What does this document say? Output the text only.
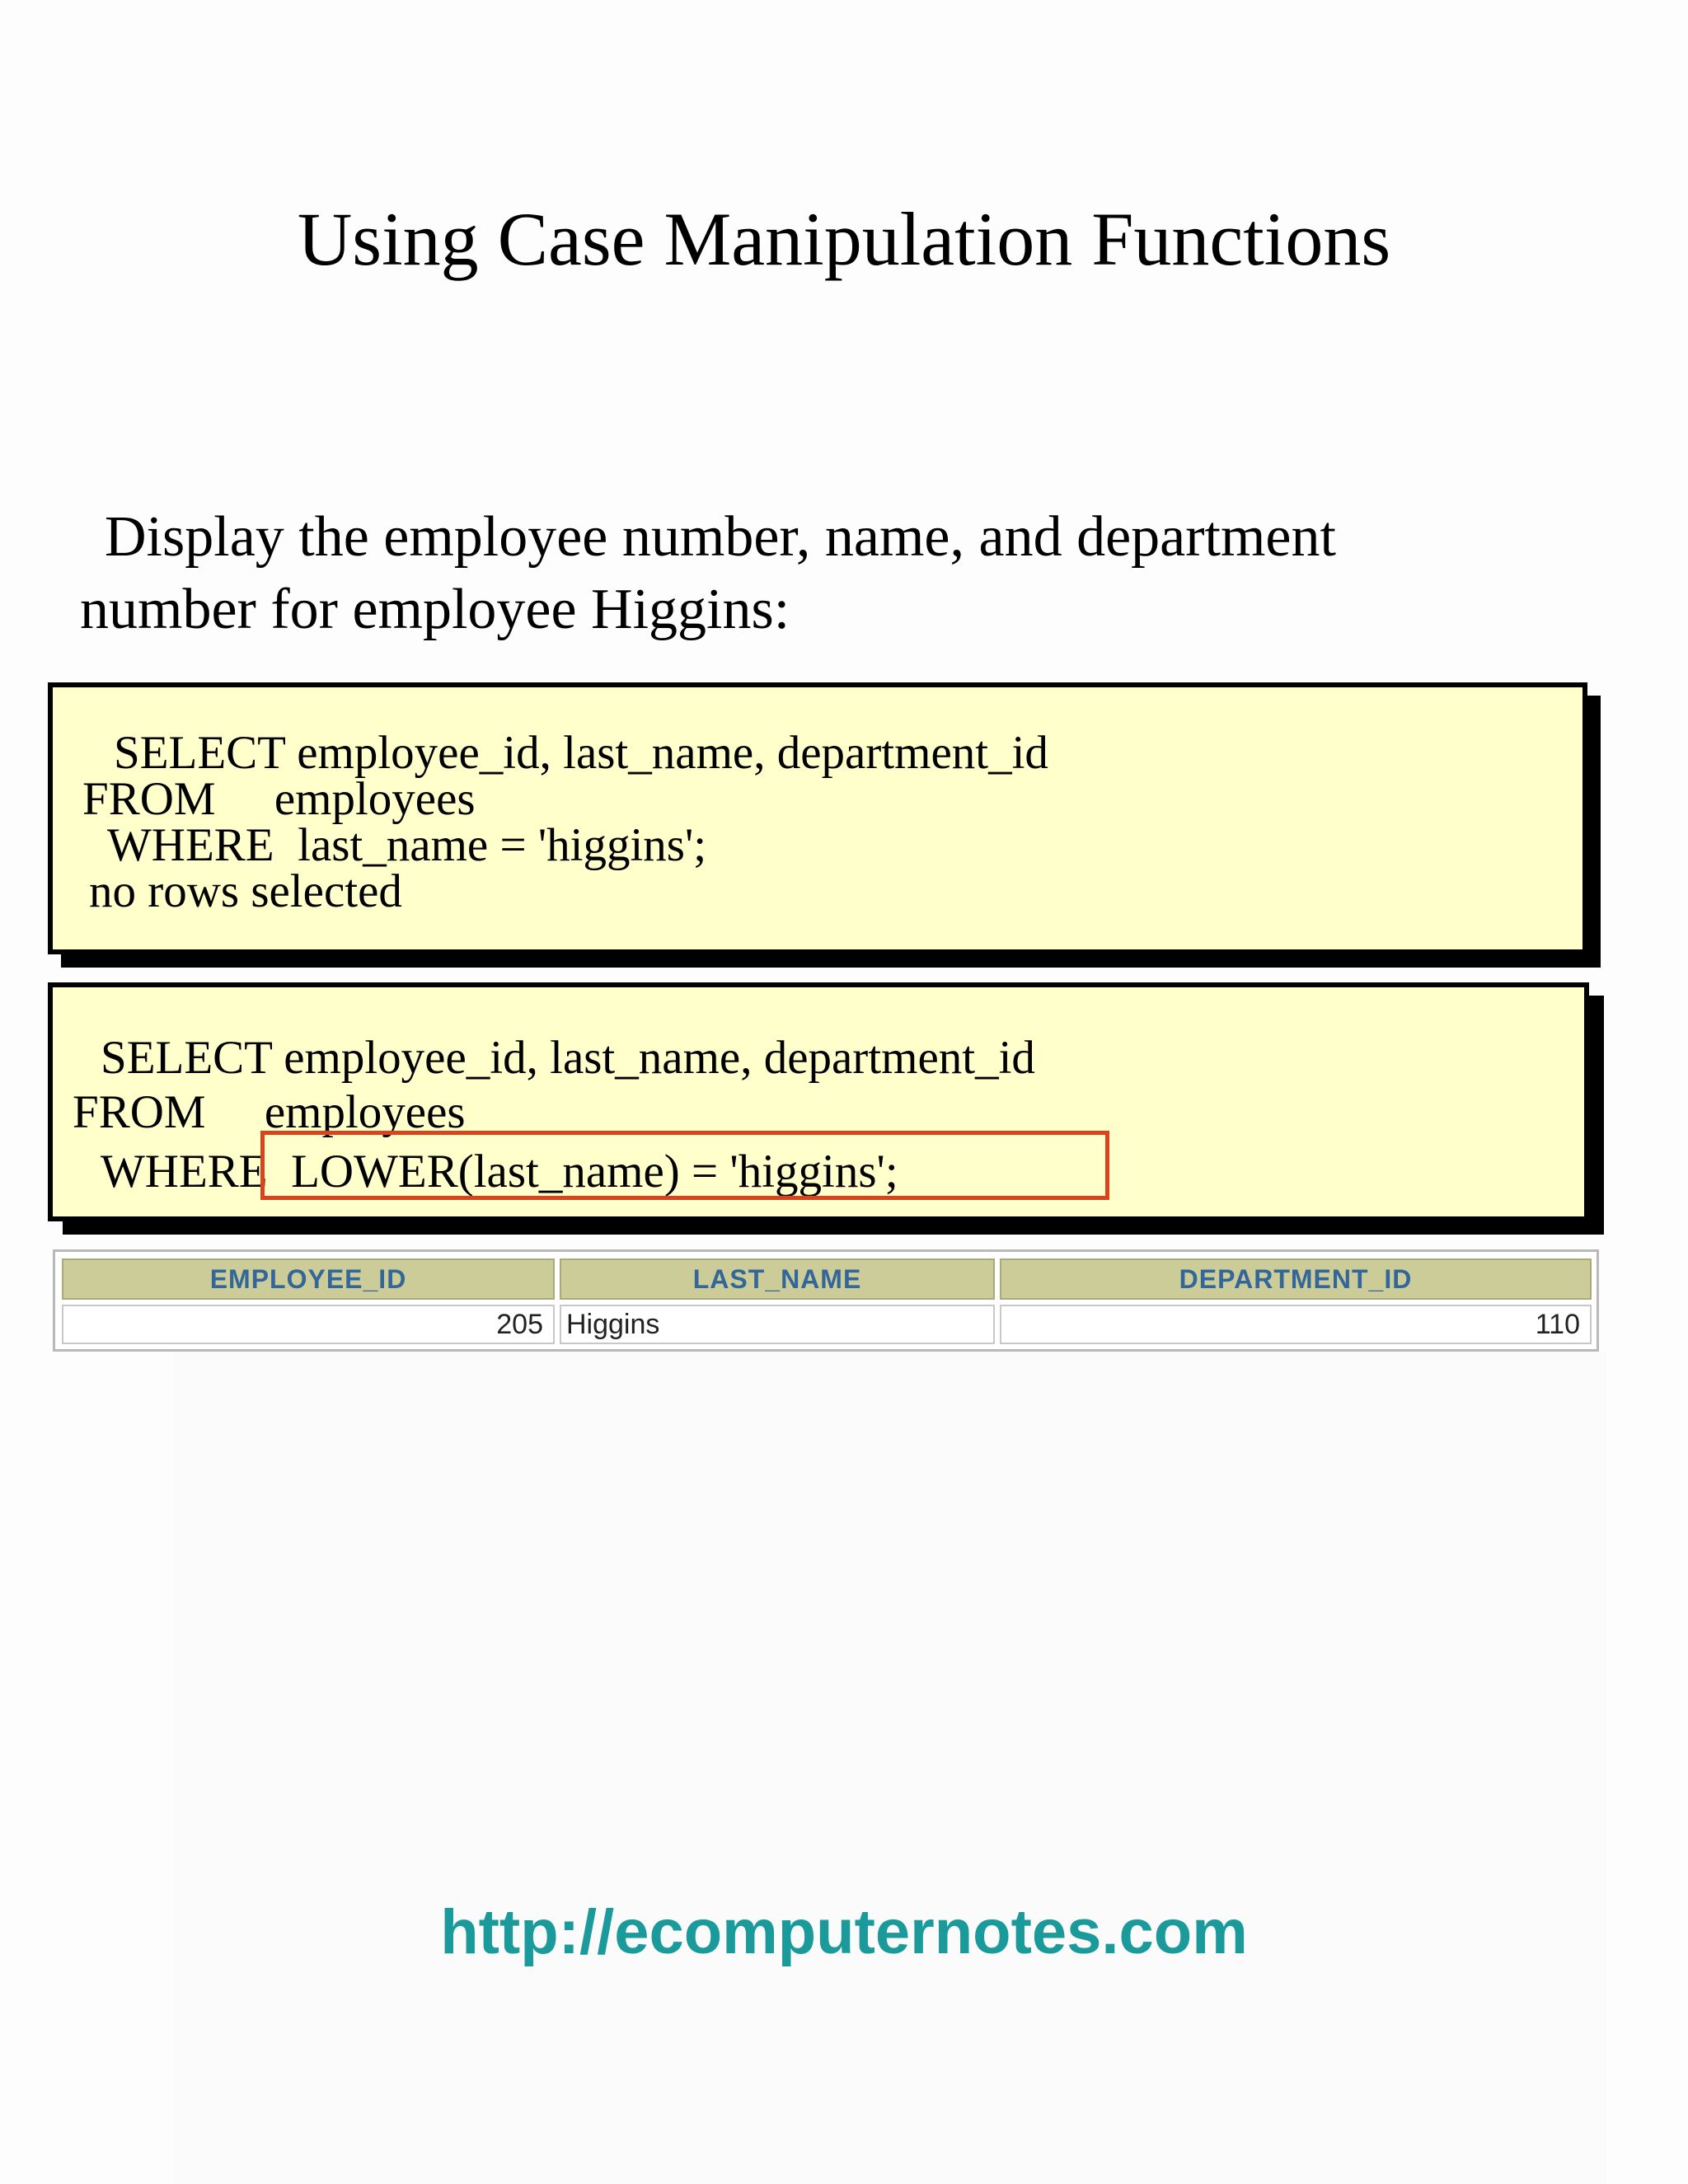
Using Case Manipulation Functions
Display the employee number, name, and department
number for employee Higgins:
SELECT employee_id, last_name, department_id
FROM     employees
WHERE  last_name = 'higgins';
no rows selected
SELECT employee_id, last_name, department_id
FROM     employees
WHERE  LOWER(last_name) = 'higgins';
EMPLOYEE_ID	LAST_NAME	DEPARTMENT_ID
205 Higgins	110
http://ecomputernotes.com
